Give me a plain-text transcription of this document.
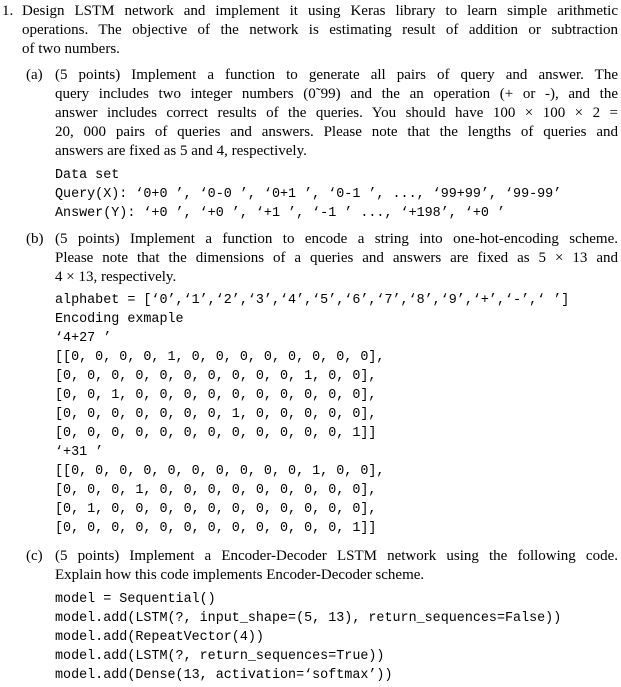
1. Design LSTM network and implement it using Keras library to learn simple arithmetic
operations. The objective of the network is estimating result of addition or subtraction
of two numbers.
(a) (5 points) Implement a function to generate all pairs of query and answer. The
query includes two integer numbers (0˜99) and the an operation (+ or -), and the
answer includes correct results of the queries. You should have 100 × 100 × 2 =
20, 000 pairs of queries and answers. Please note that the lengths of queries and
answers are fixed as 5 and 4, respectively.
Data set
Query(X): ‘0+0 ’, ‘0-0 ’, ‘0+1 ’, ‘0-1 ’, ..., ‘99+99’, ‘99-99’
Answer(Y): ‘+0 ’, ‘+0 ’, ‘+1 ’, ‘-1 ’ ..., ‘+198’, ‘+0 ’
(b) (5 points) Implement a function to encode a string into one-hot-encoding scheme.
Please note that the dimensions of a queries and answers are fixed as 5 × 13 and
4 × 13, respectively.
alphabet = [‘0’,‘1’,‘2’,‘3’,‘4’,‘5’,‘6’,‘7’,‘8’,‘9’,‘+’,‘-’,‘ ’]
Encoding exmaple
‘4+27 ’
[[0, 0, 0, 0, 1, 0, 0, 0, 0, 0, 0, 0, 0],
[0, 0, 0, 0, 0, 0, 0, 0, 0, 0, 1, 0, 0],
[0, 0, 1, 0, 0, 0, 0, 0, 0, 0, 0, 0, 0],
[0, 0, 0, 0, 0, 0, 0, 1, 0, 0, 0, 0, 0],
[0, 0, 0, 0, 0, 0, 0, 0, 0, 0, 0, 0, 1]]
‘+31 ’
[[0, 0, 0, 0, 0, 0, 0, 0, 0, 0, 1, 0, 0],
[0, 0, 0, 1, 0, 0, 0, 0, 0, 0, 0, 0, 0],
[0, 1, 0, 0, 0, 0, 0, 0, 0, 0, 0, 0, 0],
[0, 0, 0, 0, 0, 0, 0, 0, 0, 0, 0, 0, 1]]
(c) (5 points) Implement a Encoder-Decoder LSTM network using the following code.
Explain how this code implements Encoder-Decoder scheme.
model = Sequential()
model.add(LSTM(?, input_shape=(5, 13), return_sequences=False))
model.add(RepeatVector(4))
model.add(LSTM(?, return_sequences=True))
model.add(Dense(13, activation=‘softmax’))
